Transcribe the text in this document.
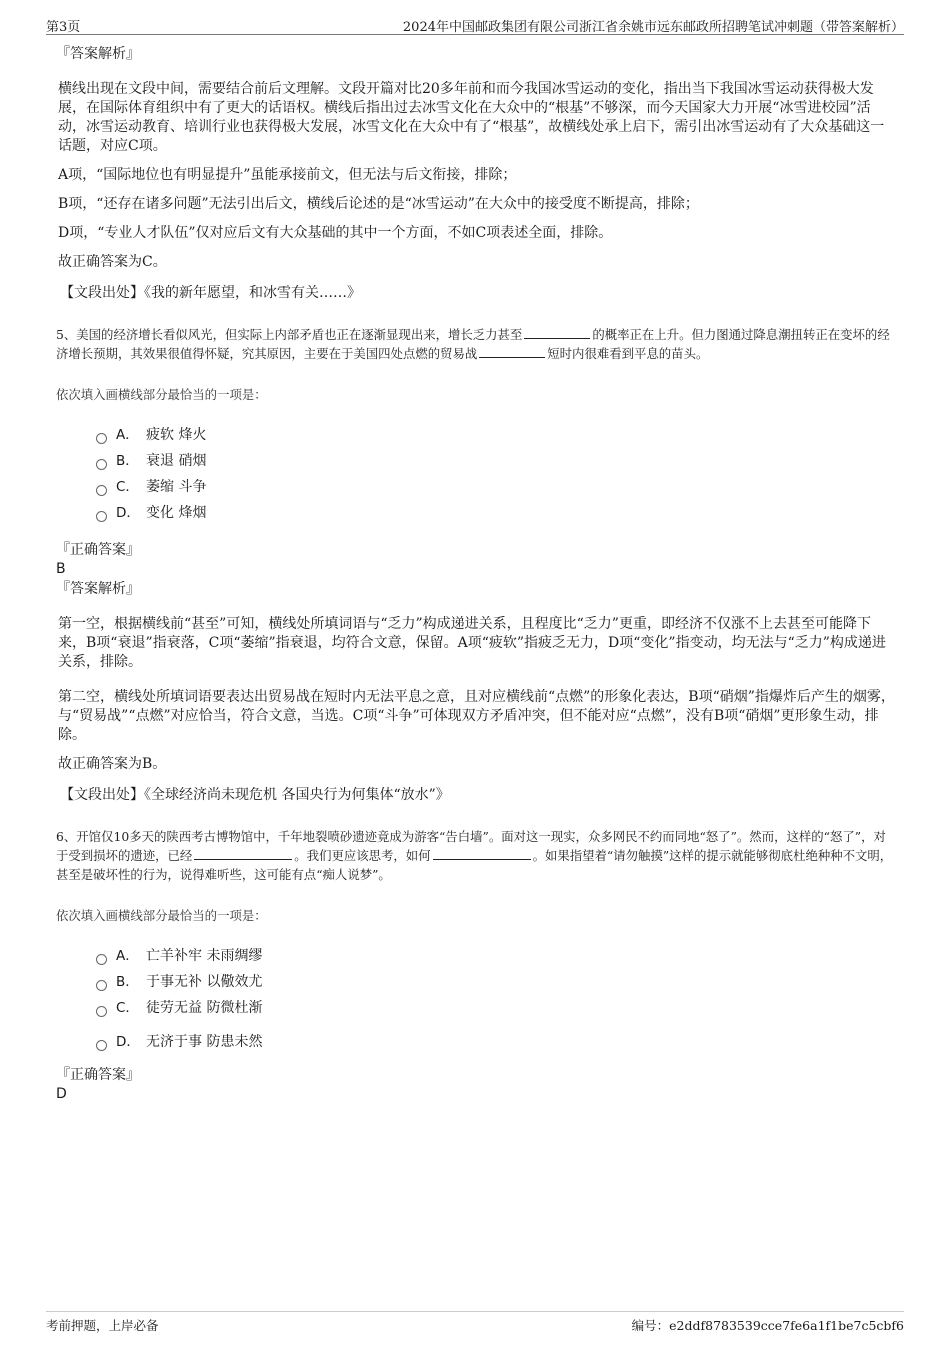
第3页	2024年中国邮政集团有限公司浙江省余姚市远东邮政所招聘笔试冲刺题（带答案解析）

『答案解析』

横线出现在文段中间，需要结合前后文理解。文段开篇对比20多年前和而今我国冰雪运动的变化，指出当下我国冰雪运动获得极大发展，在国际体育组织中有了更大的话语权。横线后指出过去冰雪文化在大众中的“根基”不够深，而今天国家大力开展“冰雪进校园”活动，冰雪运动教育、培训行业也获得极大发展，冰雪文化在大众中有了“根基”，故横线处承上启下，需引出冰雪运动有了大众基础这一话题，对应C项。

A项，“国际地位也有明显提升”虽能承接前文，但无法与后文衔接，排除；

B项，“还存在诸多问题”无法引出后文，横线后论述的是“冰雪运动”在大众中的接受度不断提高，排除；

D项，“专业人才队伍”仅对应后文有大众基础的其中一个方面，不如C项表述全面，排除。

故正确答案为C。

【文段出处】《我的新年愿望，和冰雪有关……》

5、美国的经济增长看似风光，但实际上内部矛盾也正在逐渐显现出来，增长乏力甚至	的概率正在上升。但力图通过降息潮扭转正在变坏的经济增长预期，其效果很值得怀疑，究其原因，主要在于美国四处点燃的贸易战	短时内很难看到平息的苗头。

依次填入画横线部分最恰当的一项是：

A． 疲软 烽火
B． 衰退 硝烟
C． 萎缩 斗争
D． 变化 烽烟

『正确答案』

B

『答案解析』

第一空，根据横线前“甚至”可知，横线处所填词语与“乏力”构成递进关系，且程度比“乏力”更重，即经济不仅涨不上去甚至可能降下来，B项“衰退”指衰落，C项“萎缩”指衰退，均符合文意，保留。A项“疲软”指疲乏无力，D项“变化”指变动，均无法与“乏力”构成递进关系，排除。

第二空，横线处所填词语要表达出贸易战在短时内无法平息之意，且对应横线前“点燃”的形象化表达，B项“硝烟”指爆炸后产生的烟雾，与“贸易战”“点燃”对应恰当，符合文意，当选。C项“斗争”可体现双方矛盾冲突，但不能对应“点燃”，没有B项“硝烟”更形象生动，排除。

故正确答案为B。

【文段出处】《全球经济尚未现危机 各国央行为何集体“放水”》

6、开馆仅10多天的陕西考古博物馆中，千年地裂喷砂遗迹竟成为游客“告白墙”。面对这一现实，众多网民不约而同地“怒了”。然而，这样的“怒了”，对于受到损坏的遗迹，已经	。我们更应该思考，如何	。如果指望着“请勿触摸”这样的提示就能够彻底杜绝种种不文明，甚至是破坏性的行为，说得难听些，这可能有点“痴人说梦”。

依次填入画横线部分最恰当的一项是：

A． 亡羊补牢 未雨绸缪
B． 于事无补 以儆效尤
C． 徒劳无益 防微杜渐
D． 无济于事 防患未然

『正确答案』

D

考前押题，上岸必备	编号：e2ddf8783539cce7fe6a1f1be7c5cbf6
